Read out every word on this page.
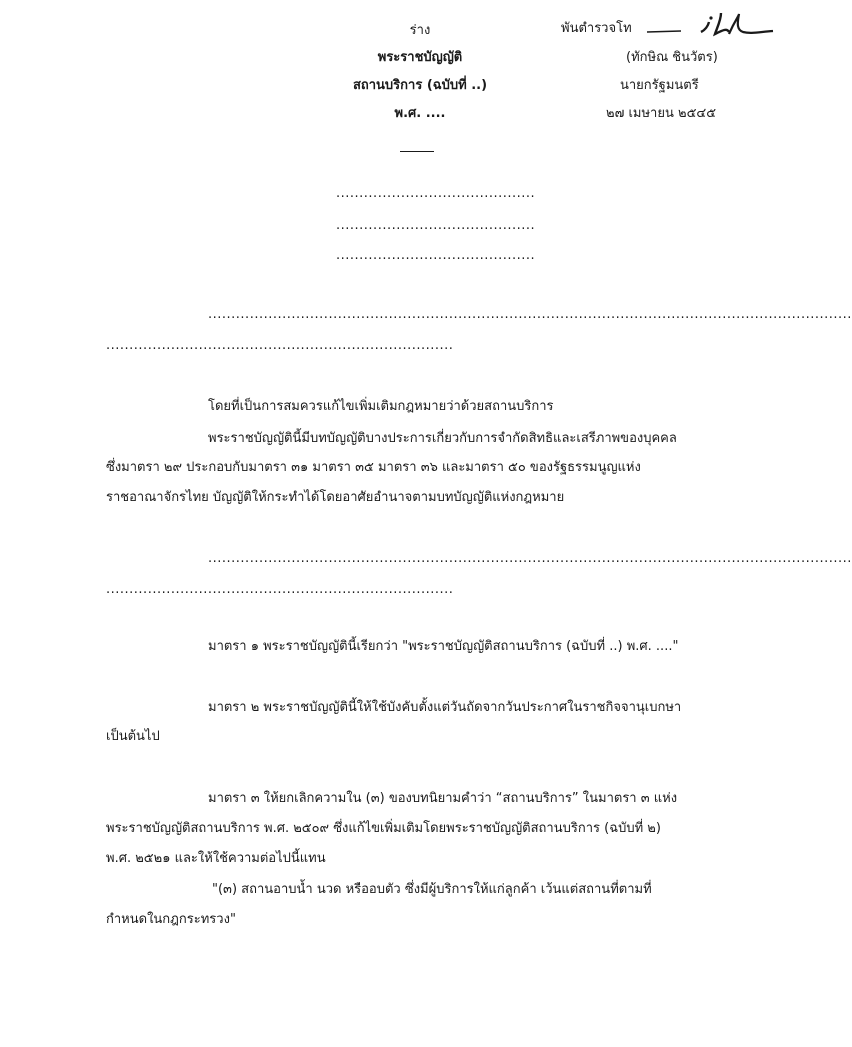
ร่าง
พระราชบัญญัติ
สถานบริการ (ฉบับที่ ..)
พ.ศ. ....
พันตำรวจโท
(ทักษิณ ชินวัตร)
นายกรัฐมนตรี
๒๗ เมษายน ๒๕๔๕
...........................................
...........................................
...........................................
...........................................................................................................................................
...........................................................................
โดยที่เป็นการสมควรแก้ไขเพิ่มเติมกฎหมายว่าด้วยสถานบริการ
พระราชบัญญัตินี้มีบทบัญญัติบางประการเกี่ยวกับการจำกัดสิทธิและเสรีภาพของบุคคล
ซึ่งมาตรา ๒๙ ประกอบกับมาตรา ๓๑ มาตรา ๓๕ มาตรา ๓๖ และมาตรา ๕๐ ของรัฐธรรมนูญแห่ง
ราชอาณาจักรไทย บัญญัติให้กระทำได้โดยอาศัยอำนาจตามบทบัญญัติแห่งกฎหมาย
...........................................................................................................................................
...........................................................................
มาตรา ๑ พระราชบัญญัตินี้เรียกว่า "พระราชบัญญัติสถานบริการ (ฉบับที่ ..) พ.ศ. ...."
มาตรา ๒ พระราชบัญญัตินี้ให้ใช้บังคับตั้งแต่วันถัดจากวันประกาศในราชกิจจานุเบกษา
เป็นต้นไป
มาตรา ๓ ให้ยกเลิกความใน (๓) ของบทนิยามคำว่า “สถานบริการ” ในมาตรา ๓ แห่ง
พระราชบัญญัติสถานบริการ พ.ศ. ๒๕๐๙ ซึ่งแก้ไขเพิ่มเติมโดยพระราชบัญญัติสถานบริการ (ฉบับที่ ๒)
พ.ศ. ๒๕๒๑ และให้ใช้ความต่อไปนี้แทน
"(๓) สถานอาบน้ำ นวด หรืออบตัว ซึ่งมีผู้บริการให้แก่ลูกค้า เว้นแต่สถานที่ตามที่
กำหนดในกฎกระทรวง"
